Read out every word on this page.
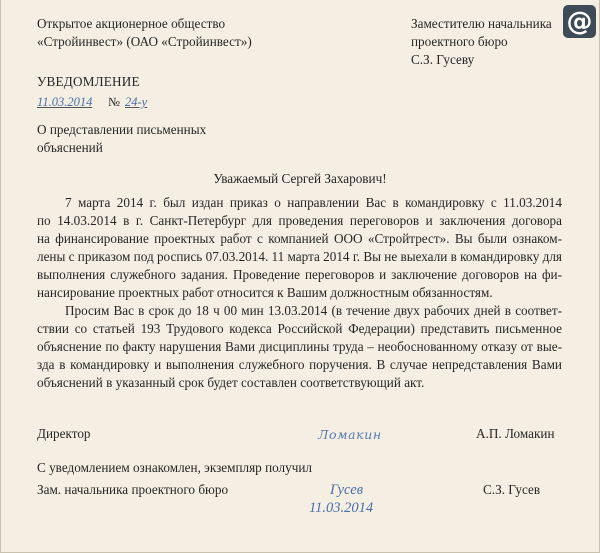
Открытое акционерное общество
«Стройинвест» (ОАО «Стройинвест»)
Заместителю начальника
проектного бюро
С.З. Гусеву
@
УВЕДОМЛЕНИЕ
11.03.2014	№ 24-у
О представлении письменных
объяснений
Уважаемый Сергей Захарович!
7 марта 2014 г. был издан приказ о направлении Вас в командировку с 11.03.2014
по 14.03.2014 в г. Санкт-Петербург для проведения переговоров и заключения договора
на финансирование проектных работ с компанией ООО «Стройтрест». Вы были ознаком-
лены с приказом под роспись 07.03.2014. 11 марта 2014 г. Вы не выехали в командировку для
выполнения служебного задания. Проведение переговоров и заключение договоров на фи-
нансирование проектных работ относится к Вашим должностным обязанностям.
Просим Вас в срок до 18 ч 00 мин 13.03.2014 (в течение двух рабочих дней в соответ-
ствии со статьей 193 Трудового кодекса Российской Федерации) представить письменное
объяснение по факту нарушения Вами дисциплины труда – необоснованному отказу от вые-
зда в командировку и выполнения служебного поручения. В случае непредставления Вами
объяснений в указанный срок будет составлен соответствующий акт.
Директор	Ломакин	А.П. Ломакин
С уведомлением ознакомлен, экземпляр получил
Зам. начальника проектного бюро	Гусев	С.З. Гусев
11.03.2014
